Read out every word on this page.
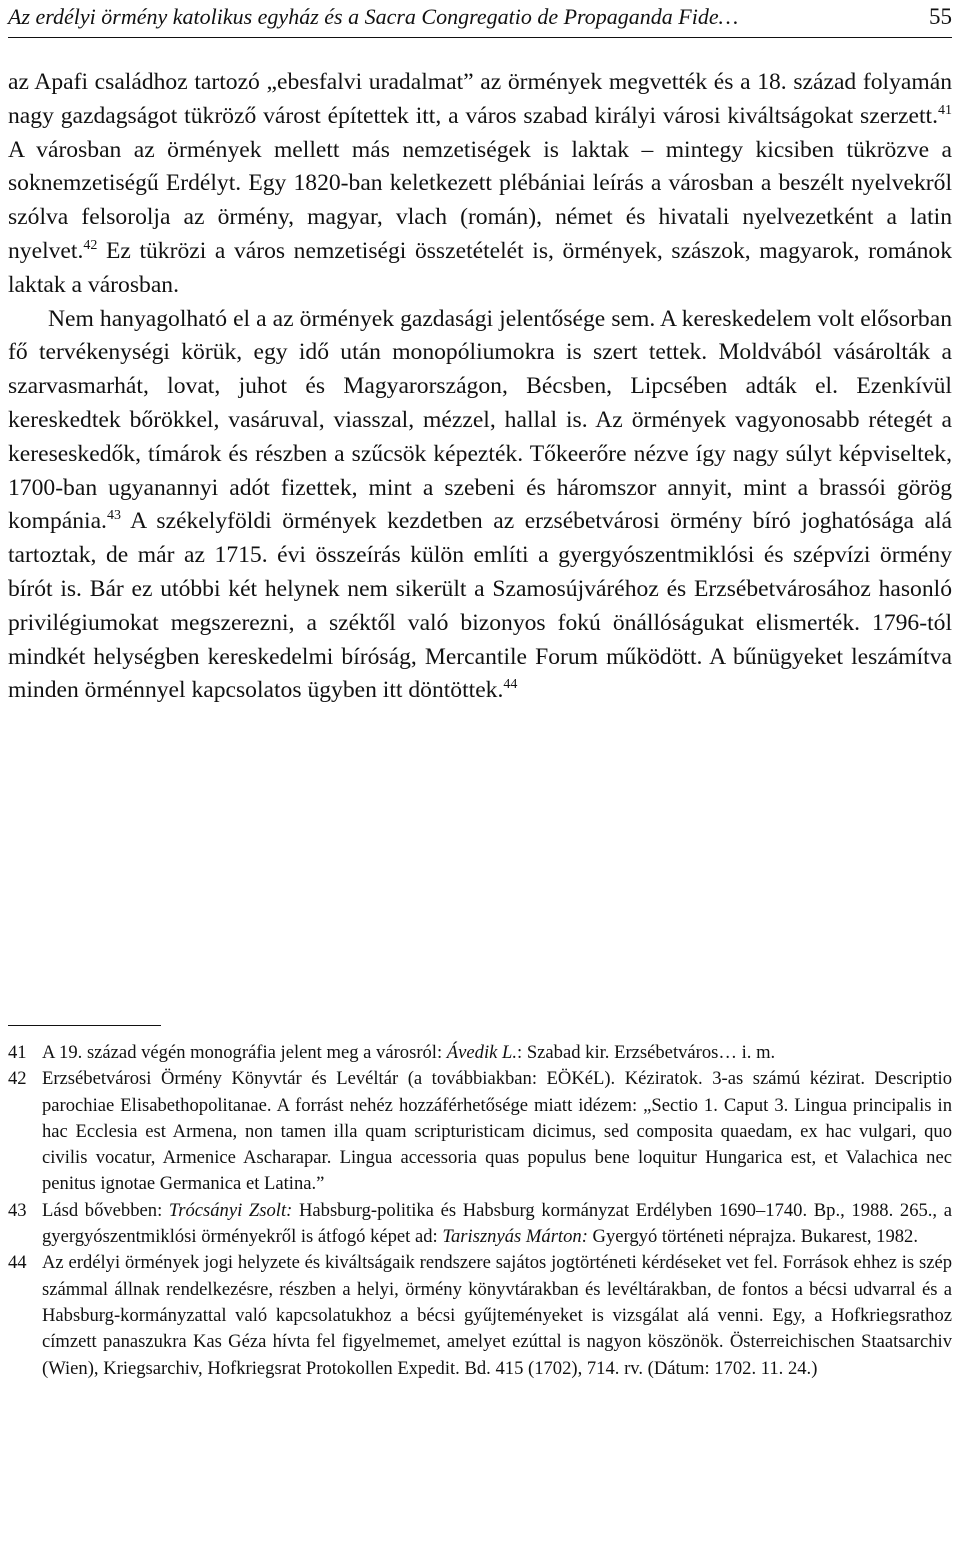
Az erdélyi örmény katolikus egyház és a Sacra Congregatio de Propaganda Fide…	55

az Apafi családhoz tartozó „ebesfalvi uradalmat” az örmények megvették és a 18. század folyamán nagy gazdagságot tükröző várost építettek itt, a város szabad királyi városi kiváltságokat szerzett.$^{41}$ A városban az örmények mellett más nemzetiségek is laktak – mintegy kicsiben tükrözve a soknemzetiségű Erdélyt. Egy 1820-ban keletkezett plébániai leírás a városban a beszélt nyelvekről szólva felsorolja az örmény, magyar, vlach (román), német és hivatali nyelvezetként a latin nyelvet.$^{42}$ Ez tükrözi a város nemzetiségi összetételét is, örmények, szászok, magyarok, románok laktak a városban.

Nem hanyagolható el a az örmények gazdasági jelentősége sem. A kereskedelem volt elősorban fő tervékenységi körük, egy idő után monopóliumokra is szert tettek. Moldvából vásárolták a szarvasmarhát, lovat, juhot és Magyarországon, Bécsben, Lipcsében adták el. Ezenkívül kereskedtek bőrökkel, vasáruval, viasszal, mézzel, hallal is. Az örmények vagyonosabb rétegét a kereseskedők, tímárok és részben a szűcsök képezték. Tőkeerőre nézve így nagy súlyt képviseltek, 1700-ban ugyanannyi adót fizettek, mint a szebeni és háromszor annyit, mint a brassói görög kompánia.$^{43}$ A székelyföldi örmények kezdetben az erzsébetvárosi örmény bíró joghatósága alá tartoztak, de már az 1715. évi összeírás külön említi a gyergyószentmiklósi és szépvízi örmény bírót is. Bár ez utóbbi két helynek nem sikerült a Szamosújváréhoz és Erzsébetvárosához hasonló privilégiumokat megszerezni, a széktől való bizonyos fokú önállóságukat elismerték. 1796-tól mindkét helységben kereskedelmi bíróság, Mercantile Forum működött. A bűnügyeket leszámítva minden örménnyel kapcsolatos ügyben itt döntöttek.$^{44}$

41 A 19. század végén monográfia jelent meg a városról: Ávedik L.: Szabad kir. Erzsébetváros… i. m.
42 Erzsébetvárosi Örmény Könyvtár és Levéltár (a továbbiakban: EÖKéL). Kéziratok. 3-as számú kézirat. Descriptio parochiae Elisabethopolitanae. A forrást nehéz hozzáférhetősége miatt idézem: „Sectio 1. Caput 3. Lingua principalis in hac Ecclesia est Armena, non tamen illa quam scripturisticam dicimus, sed composita quaedam, ex hac vulgari, quo civilis vocatur, Armenice Ascharapar. Lingua accessoria quas populus bene loquitur Hungarica est, et Valachica nec penitus ignotae Germanica et Latina.”
43 Lásd bővebben: Trócsányi Zsolt: Habsburg-politika és Habsburg kormányzat Erdélyben 1690–1740. Bp., 1988. 265., a gyergyószentmiklósi örményekről is átfogó képet ad: Tarisznyás Márton: Gyergyó történeti néprajza. Bukarest, 1982.
44 Az erdélyi örmények jogi helyzete és kiváltságaik rendszere sajátos jogtörténeti kérdéseket vet fel. Források ehhez is szép számmal állnak rendelkezésre, részben a helyi, örmény könyvtárakban és levéltárakban, de fontos a bécsi udvarral és a Habsburg-kormányzattal való kapcsolatukhoz a bécsi gyűjteményeket is vizsgálat alá venni. Egy, a Hofkriegsrathoz címzett panaszukra Kas Géza hívta fel figyelmemet, amelyet ezúttal is nagyon köszönök. Österreichischen Staatsarchiv (Wien), Kriegsarchiv, Hofkriegsrat Protokollen Expedit. Bd. 415 (1702), 714. rv. (Dátum: 1702. 11. 24.)
